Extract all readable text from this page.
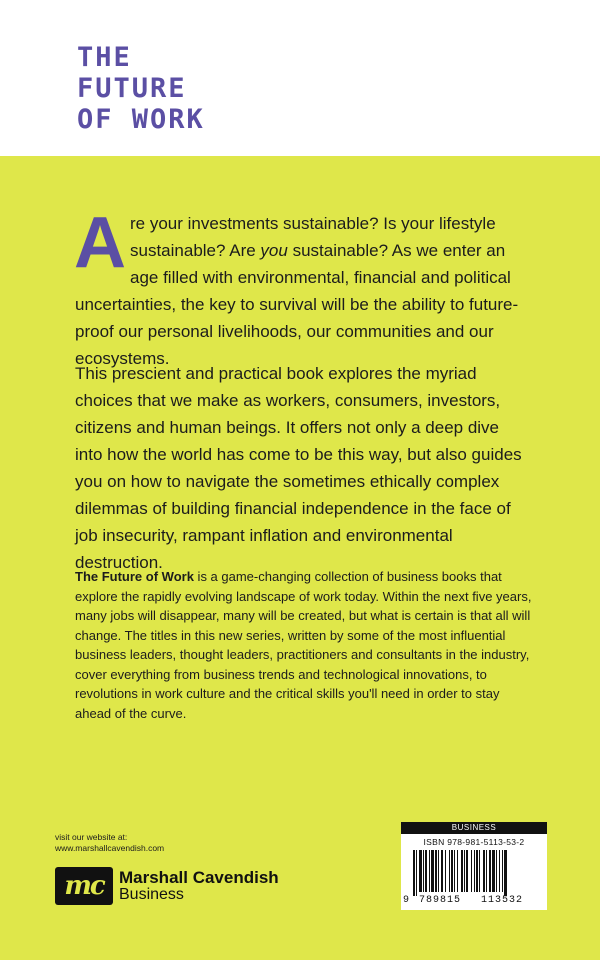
THE
FUTURE
OF WORK
Are your investments sustainable? Is your lifestyle sustainable? Are you sustainable? As we enter an age filled with environmental, financial and political uncertainties, the key to survival will be the ability to future-proof our personal livelihoods, our communities and our ecosystems.
This prescient and practical book explores the myriad choices that we make as workers, consumers, investors, citizens and human beings. It offers not only a deep dive into how the world has come to be this way, but also guides you on how to navigate the sometimes ethically complex dilemmas of building financial independence in the face of job insecurity, rampant inflation and environmental destruction.
The Future of Work is a game-changing collection of business books that explore the rapidly evolving landscape of work today. Within the next five years, many jobs will disappear, many will be created, but what is certain is that all will change. The titles in this new series, written by some of the most influential business leaders, thought leaders, practitioners and consultants in the industry, cover everything from business trends and technological innovations, to revolutions in work culture and the critical skills you'll need in order to stay ahead of the curve.
visit our website at:
www.marshallcavendish.com
mc Marshall Cavendish
Business
BUSINESS
ISBN 978-981-5113-53-2
9 789815 113532
